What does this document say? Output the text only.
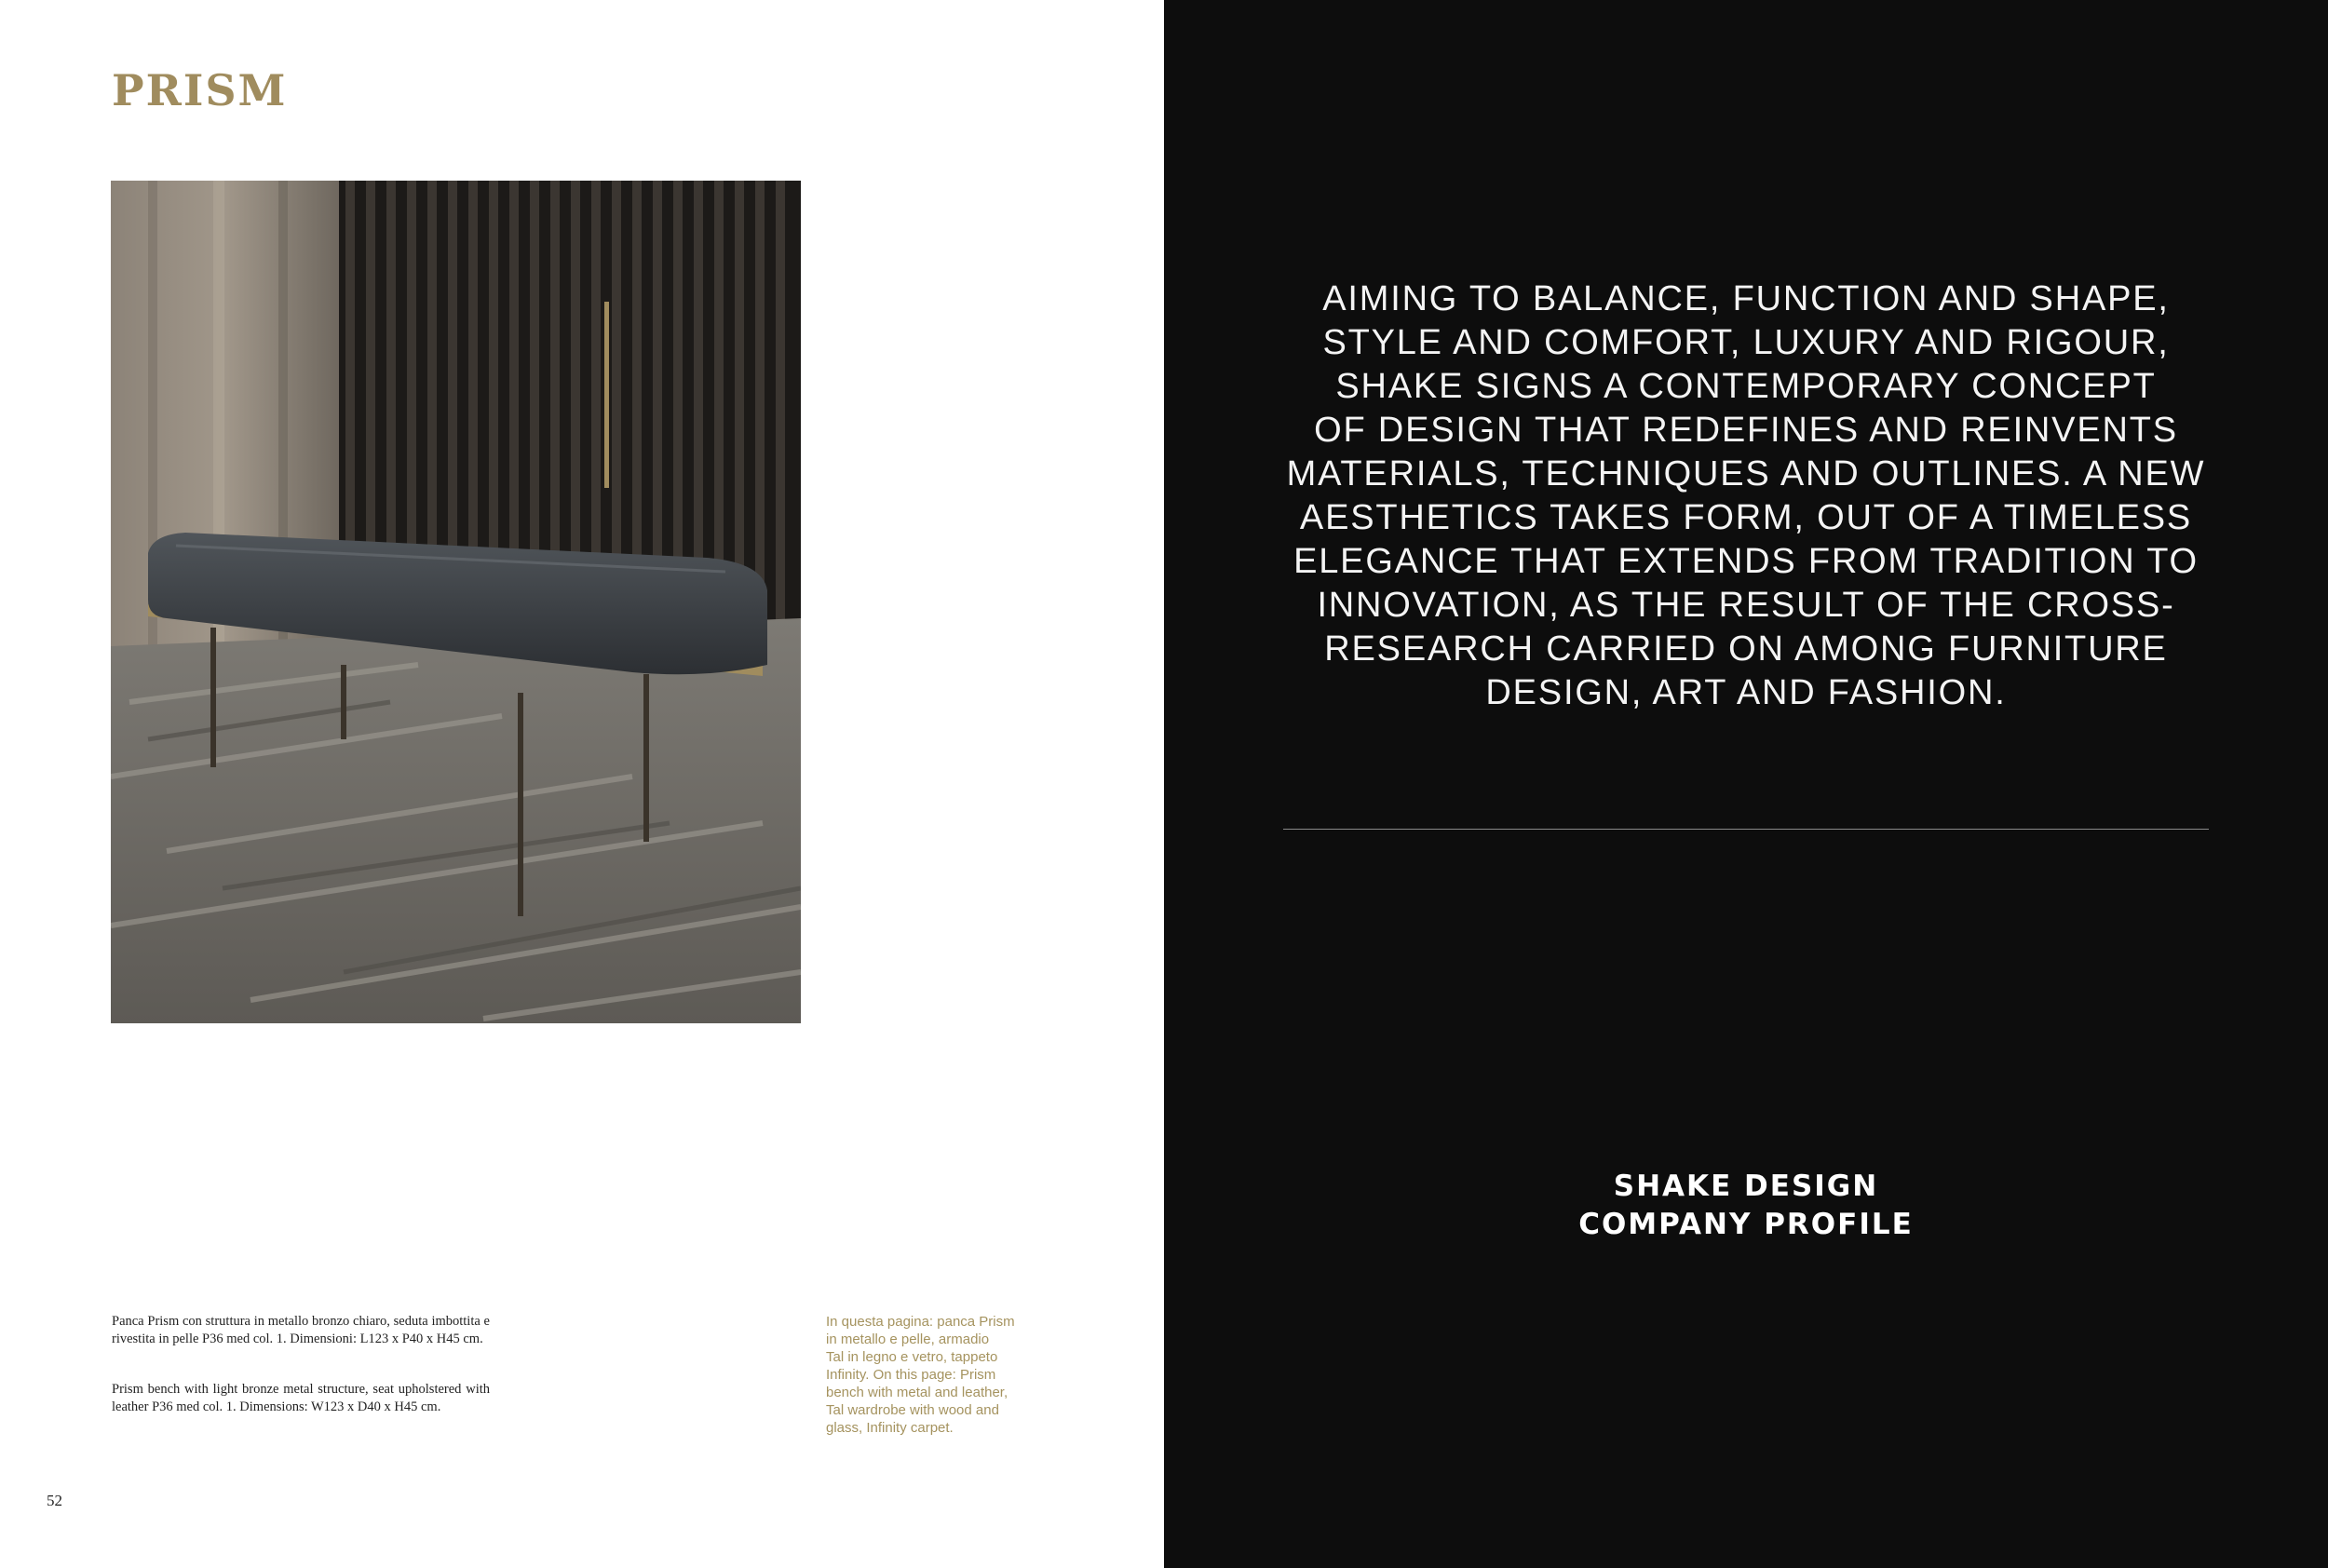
PRISM
Panca Prism con struttura in metallo bronzo chiaro, seduta imbottita e rivestita in pelle P36 med col. 1. Dimensioni: L123 x P40 x H45 cm.
Prism bench with light bronze metal structure, seat upholstered with leather P36 med col. 1. Dimensions: W123 x D40 x H45 cm.
In questa pagina: panca Prism
in metallo e pelle, armadio
Tal in legno e vetro, tappeto
Infinity. On this page: Prism
bench with metal and leather,
Tal wardrobe with wood and
glass, Infinity carpet.
52
AIMING TO BALANCE, FUNCTION AND SHAPE,
STYLE AND COMFORT, LUXURY AND RIGOUR,
SHAKE SIGNS A CONTEMPORARY CONCEPT
OF DESIGN THAT REDEFINES AND REINVENTS
MATERIALS, TECHNIQUES AND OUTLINES. A NEW
AESTHETICS TAKES FORM, OUT OF A TIMELESS
ELEGANCE THAT EXTENDS FROM TRADITION TO
INNOVATION, AS THE RESULT OF THE CROSS-
RESEARCH CARRIED ON AMONG FURNITURE
DESIGN, ART AND FASHION.
SHAKE DESIGN
COMPANY PROFILE
